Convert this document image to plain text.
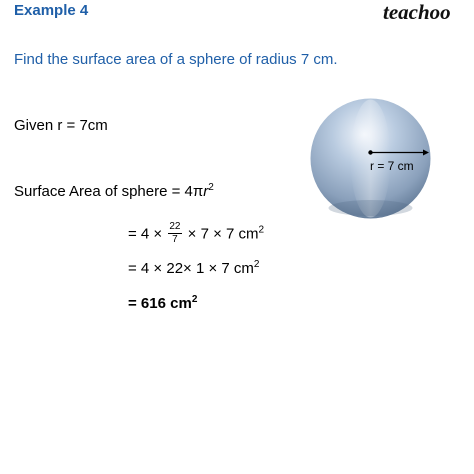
Example 4	teachoo
Find the surface area of a sphere of radius 7 cm.
Given r = 7cm
Surface Area of sphere = $4\pi r^2$
= $4 \times \frac{22}{7} \times 7 \times 7$ $cm^2$
= 4 × 22× 1 × 7 $cm^2$
= 616 $cm^2$
r = 7 cm
